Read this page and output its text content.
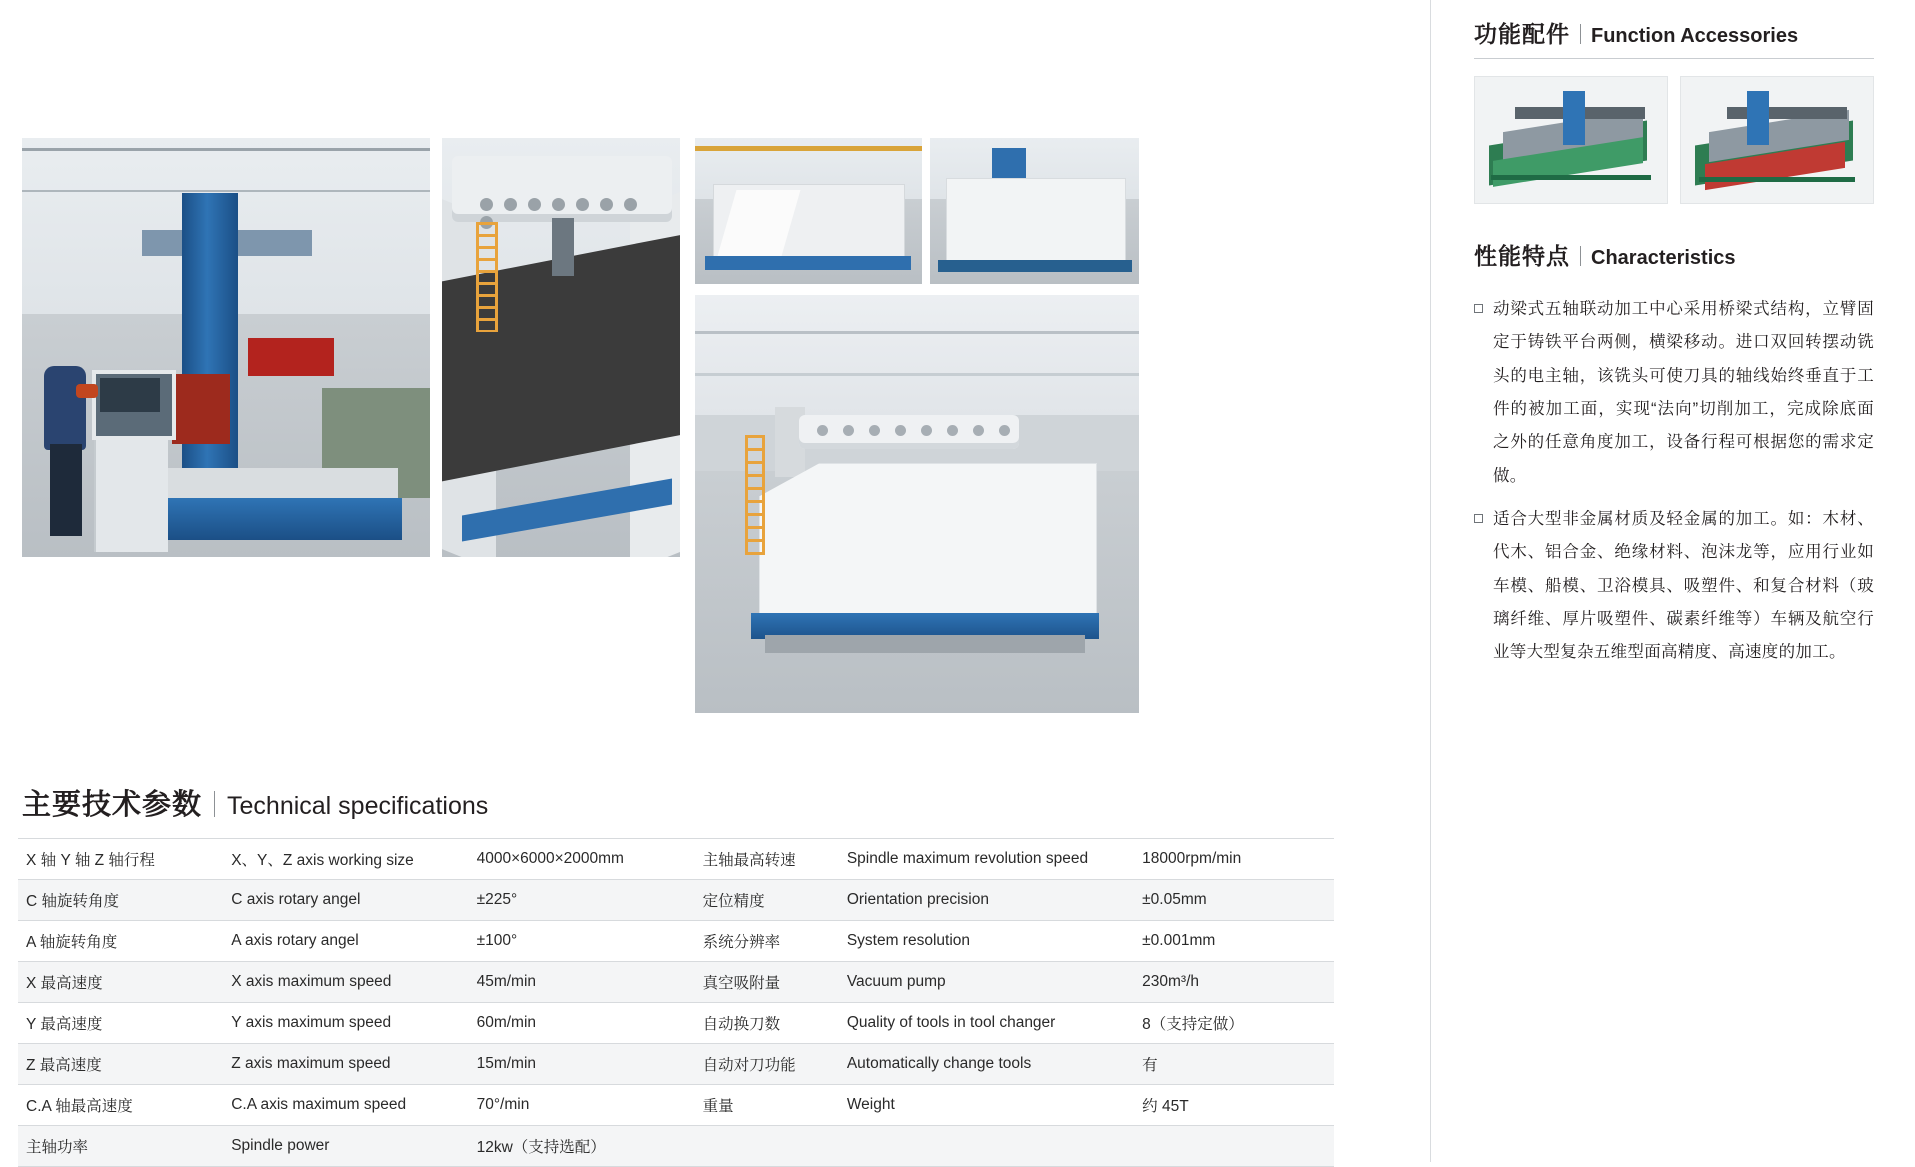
主要技术参数 Technical specifications
X 轴 Y 轴 Z 轴行程	X、Y、Z axis working size	4000×6000×2000mm	主轴最高转速	Spindle maximum revolution speed	18000rpm/min
C 轴旋转角度	C axis rotary angel	±225°	定位精度	Orientation precision	±0.05mm
A 轴旋转角度	A axis rotary angel	±100°	系统分辨率	System resolution	±0.001mm
X 最高速度	X axis maximum speed	45m/min	真空吸附量	Vacuum pump	230m³/h
Y 最高速度	Y axis maximum speed	60m/min	自动换刀数	Quality of tools in tool changer	8（支持定做）
Z 最高速度	Z axis maximum speed	15m/min	自动对刀功能	Automatically change tools	有
C.A 轴最高速度	C.A axis maximum speed	70°/min	重量	Weight	约 45T
主轴功率	Spindle power	12kw（支持选配）			
功能配件 Function Accessories
性能特点 Characteristics
动梁式五轴联动加工中心采用桥梁式结构，立臂固定于铸铁平台两侧，横梁移动。进口双回转摆动铣头的电主轴，该铣头可使刀具的轴线始终垂直于工件的被加工面，实现“法向”切削加工，完成除底面之外的任意角度加工，设备行程可根据您的需求定做。
适合大型非金属材质及轻金属的加工。如：木材、代木、铝合金、绝缘材料、泡沫龙等，应用行业如车模、船模、卫浴模具、吸塑件、和复合材料（玻璃纤维、厚片吸塑件、碳素纤维等）车辆及航空行业等大型复杂五维型面高精度、高速度的加工。
